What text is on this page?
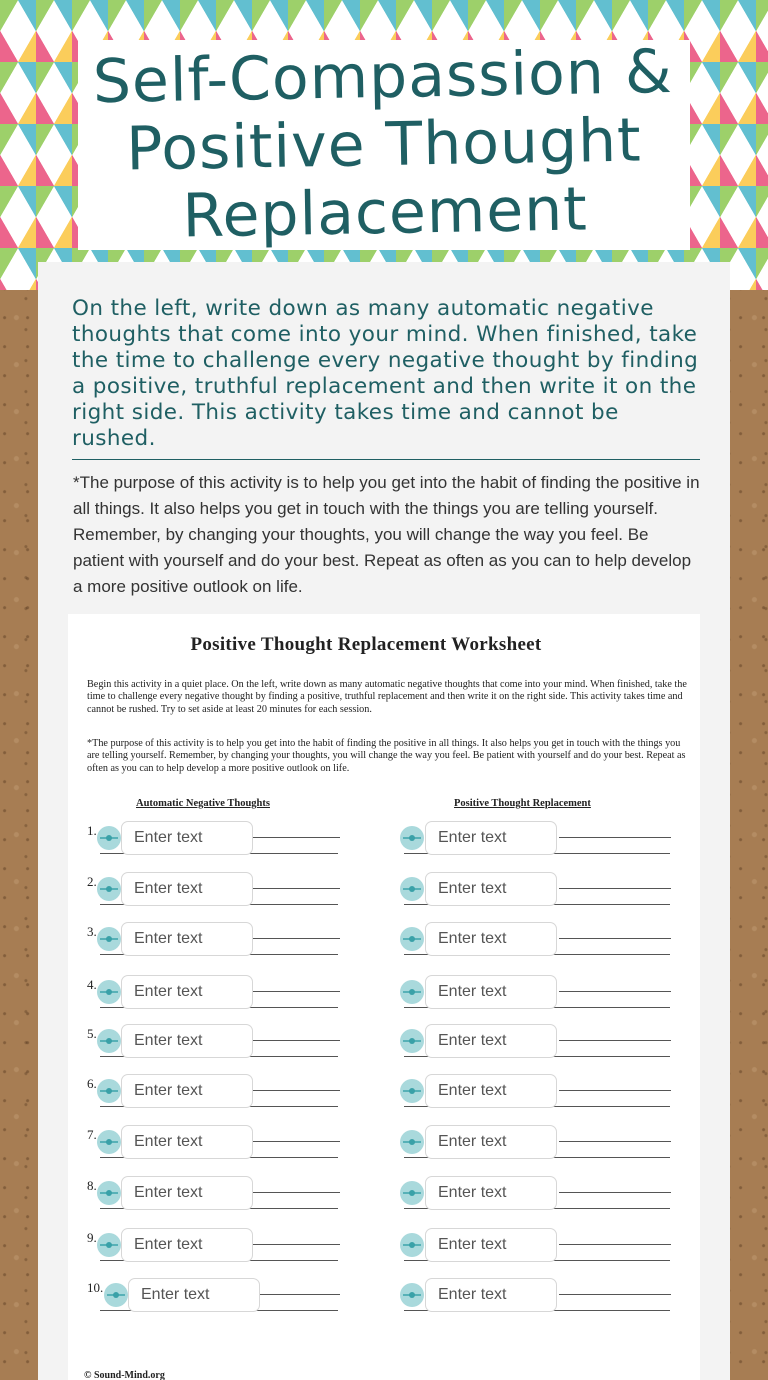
Self-Compassion &
Positive Thought
Replacement
On the left, write down as many automatic negative thoughts that come into your mind. When finished, take the time to challenge every negative thought by finding a positive, truthful replacement and then write it on the right side. This activity takes time and cannot be rushed.
*The purpose of this activity is to help you get into the habit of finding the positive in all things. It also helps you get in touch with the things you are telling yourself. Remember, by changing your thoughts, you will change the way you feel. Be patient with yourself and do your best. Repeat as often as you can to help develop a more positive outlook on life.
Positive Thought Replacement Worksheet
Begin this activity in a quiet place. On the left, write down as many automatic negative thoughts that come into your mind. When finished, take the time to challenge every negative thought by finding a positive, truthful replacement and then write it on the right side. This activity takes time and cannot be rushed. Try to set aside at least 20 minutes for each session.
*The purpose of this activity is to help you get into the habit of finding the positive in all things. It also helps you get in touch with the things you are telling yourself. Remember, by changing your thoughts, you will change the way you feel. Be patient with yourself and do your best. Repeat as often as you can to help develop a more positive outlook on life.
Automatic Negative Thoughts	Positive Thought Replacement
1.	Enter text	Enter text
2.	Enter text	Enter text
3.	Enter text	Enter text
4.	Enter text	Enter text
5.	Enter text	Enter text
6.	Enter text	Enter text
7.	Enter text	Enter text
8.	Enter text	Enter text
9.	Enter text	Enter text
10.	Enter text	Enter text
© Sound-Mind.org
